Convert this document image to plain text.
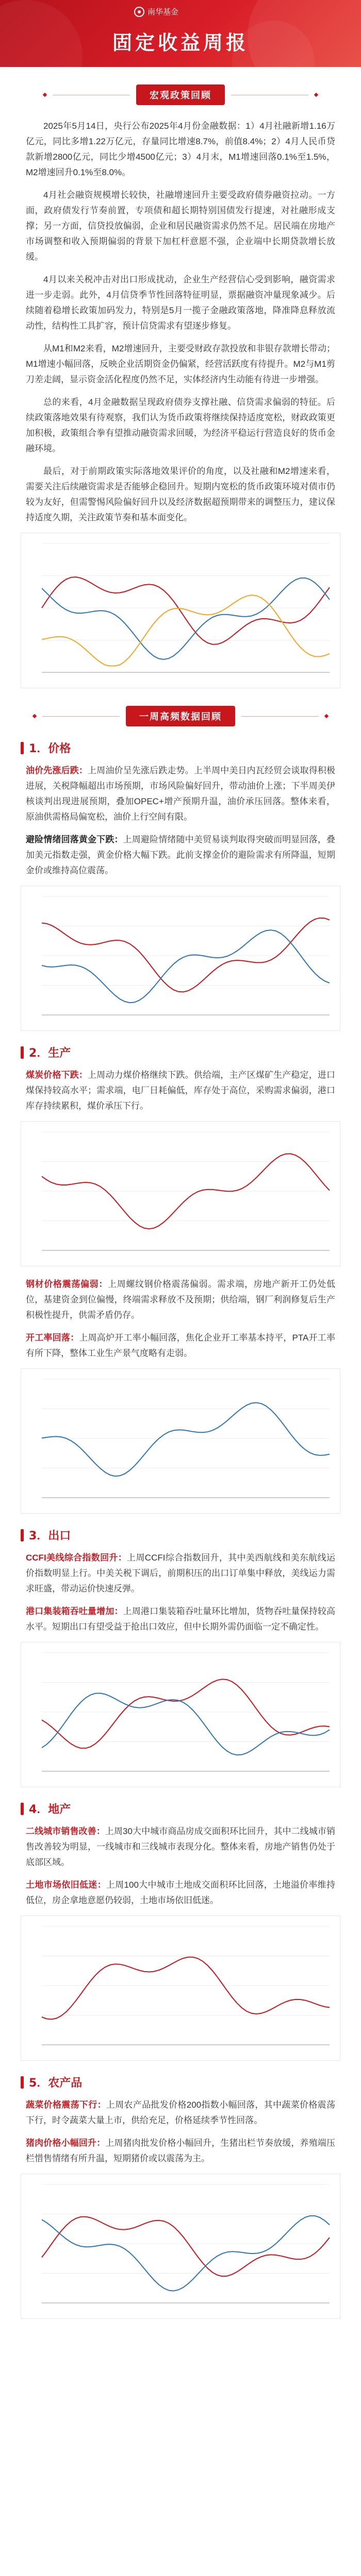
南华基金
固定收益周报
宏观政策回顾

2025年5月14日，央行公布2025年4月份金融数据：1）4月社融新增1.16万亿元，同比多增1.22万亿元，存量同比增速8.7%，前值8.4%；2）4月人民币贷款新增2800亿元，同比少增4500亿元；3）4月末，M1增速回落0.1%至1.5%，M2增速回升0.1%至8.0%。

4月社会融资规模增长较快，社融增速回升主要受政府债券融资拉动。一方面，政府债发行节奏前置，专项债和超长期特别国债发行提速，对社融形成支撑；另一方面，信贷投放偏弱，企业和居民融资需求仍然不足。居民端在房地产市场调整和收入预期偏弱的背景下加杠杆意愿不强，企业端中长期贷款增长放缓。

4月以来关税冲击对出口形成扰动，企业生产经营信心受到影响，融资需求进一步走弱。此外，4月信贷季节性回落特征明显，票据融资冲量现象减少。后续随着稳增长政策加码发力，特别是5月一揽子金融政策落地，降准降息释放流动性，结构性工具扩容，预计信贷需求有望逐步修复。

从M1和M2来看，M2增速回升，主要受财政存款投放和非银存款增长带动；M1增速小幅回落，反映企业活期资金仍偏紧，经营活跃度有待提升。M2与M1剪刀差走阔，显示资金活化程度仍然不足，实体经济内生动能有待进一步增强。

总的来看，4月金融数据呈现政府债券支撑社融、信贷需求偏弱的特征。后续政策落地效果有待观察，我们认为货币政策将继续保持适度宽松，财政政策更加积极，政策组合拳有望推动融资需求回暖，为经济平稳运行营造良好的货币金融环境。

最后，对于前期政策实际落地效果评价的角度，以及社融和M2增速来看，需要关注后续融资需求是否能够企稳回升。短期内宽松的货币政策环境对债市仍较为友好，但需警惕风险偏好回升以及经济数据超预期带来的调整压力，建议保持适度久期，关注政策节奏和基本面变化。

一周高频数据回顾
1．价格

油价先涨后跌：上周油价呈先涨后跌走势。上半周中美日内瓦经贸会谈取得积极进展，关税降幅超出市场预期，市场风险偏好回升，带动油价上涨；下半周美伊核谈判出现进展预期，叠加OPEC+增产预期升温，油价承压回落。整体来看，原油供需格局偏宽松，油价上行空间有限。

避险情绪回落黄金下跌：上周避险情绪随中美贸易谈判取得突破而明显回落，叠加美元指数走强，黄金价格大幅下跌。此前支撑金价的避险需求有所降温，短期金价或维持高位震荡。

2．生产

煤炭价格下跌：上周动力煤价格继续下跌。供给端，主产区煤矿生产稳定，进口煤保持较高水平；需求端，电厂日耗偏低，库存处于高位，采购需求偏弱，港口库存持续累积，煤价承压下行。

钢材价格震荡偏弱：上周螺纹钢价格震荡偏弱。需求端，房地产新开工仍处低位，基建资金到位偏慢，终端需求释放不及预期；供给端，钢厂利润修复后生产积极性提升，供需矛盾仍存。

开工率回落：上周高炉开工率小幅回落，焦化企业开工率基本持平，PTA开工率有所下降，整体工业生产景气度略有走弱。

3．出口

CCFI美线综合指数回升：上周CCFI综合指数回升，其中美西航线和美东航线运价指数明显上行。中美关税下调后，前期积压的出口订单集中释放，美线运力需求旺盛，带动运价快速反弹。

港口集装箱吞吐量增加：上周港口集装箱吞吐量环比增加，货物吞吐量保持较高水平。短期出口有望受益于抢出口效应，但中长期外需仍面临一定不确定性。

4．地产

二线城市销售改善：上周30大中城市商品房成交面积环比回升，其中二线城市销售改善较为明显，一线城市和三线城市表现分化。整体来看，房地产销售仍处于底部区域。

土地市场依旧低迷：上周100大中城市土地成交面积环比回落，土地溢价率维持低位，房企拿地意愿仍较弱，土地市场依旧低迷。

5．农产品

蔬菜价格震荡下行：上周农产品批发价格200指数小幅回落，其中蔬菜价格震荡下行，时令蔬菜大量上市，供给充足，价格延续季节性回落。

猪肉价格小幅回升：上周猪肉批发价格小幅回升，生猪出栏节奏放缓，养殖端压栏惜售情绪有所升温，短期猪价或以震荡为主。
